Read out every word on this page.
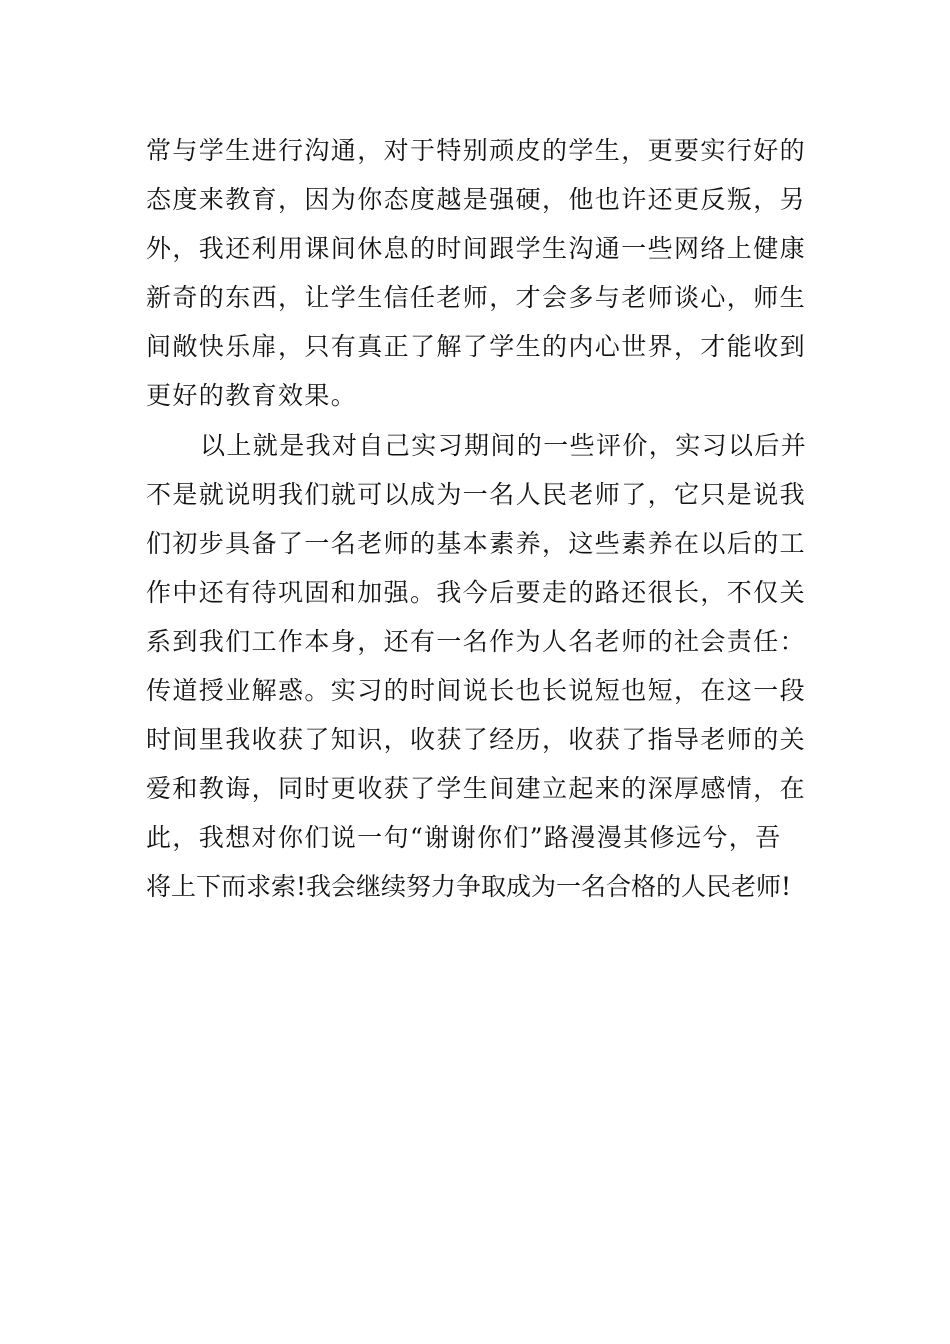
常与学生进行沟通，对于特别顽皮的学生，更要实行好的
态度来教育，因为你态度越是强硬，他也许还更反叛，另
外，我还利用课间休息的时间跟学生沟通一些网络上健康
新奇的东西，让学生信任老师，才会多与老师谈心，师生
间敞快乐扉，只有真正了解了学生的内心世界，才能收到
更好的教育效果。
以上就是我对自己实习期间的一些评价，实习以后并
不是就说明我们就可以成为一名人民老师了，它只是说我
们初步具备了一名老师的基本素养，这些素养在以后的工
作中还有待巩固和加强。我今后要走的路还很长，不仅关
系到我们工作本身，还有一名作为人名老师的社会责任：
传道授业解惑。实习的时间说长也长说短也短，在这一段
时间里我收获了知识，收获了经历，收获了指导老师的关
爱和教诲，同时更收获了学生间建立起来的深厚感情，在
此，我想对你们说一句“谢谢你们”路漫漫其修远兮，吾
将上下而求索!我会继续努力争取成为一名合格的人民老师!
